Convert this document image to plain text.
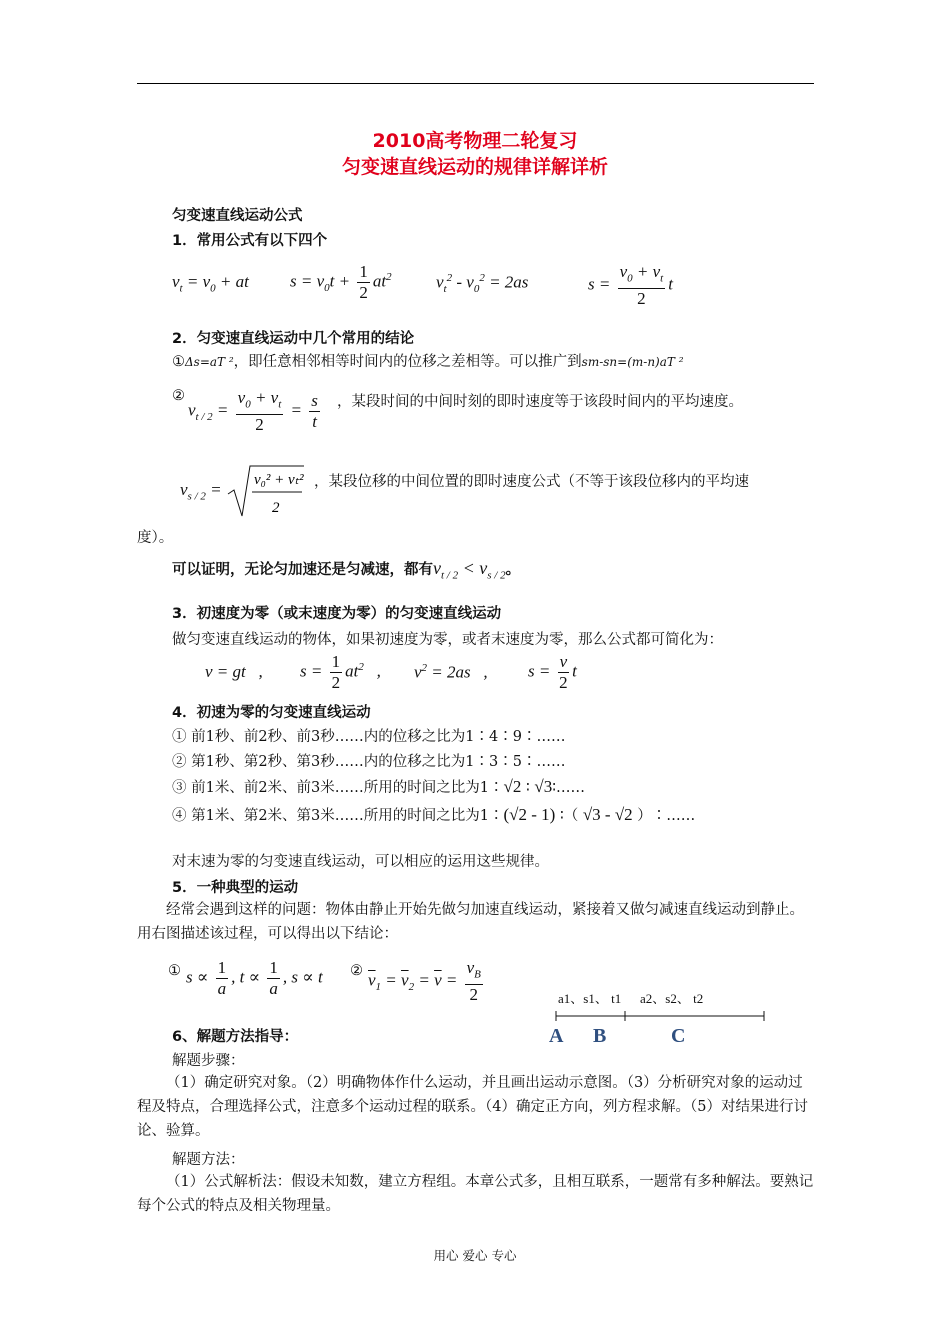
2010高考物理二轮复习
匀变速直线运动的规律详解详析
匀变速直线运动公式
1．常用公式有以下四个
$v_t = v_0$ + at $s = v_0t + \frac{1}{2} at^2$	$v_t^2 - v_0^2 = 2as$	$s = \frac{v_0 + v_t}{2}$ t
2．匀变速直线运动中几个常用的结论
①Δs=aT ²，即任意相邻相等时间内的位移之差相等。可以推广到sm-sn=(m-n)aT ²
②
$v_{t / 2} = \frac{v_0 + v_t}{2} = \frac{s}{t}$ ，某段时间的中间时刻的即时速度等于该段时间内的平均速度。
$v_{s / 2} = v_0^2 + v_t^2$
2
，某段位移的中间位置的即时速度公式（不等于该段位移内的平均速
度）。
可以证明，无论匀加速还是匀减速，都有$v_{t / 2} < v_{s / 2}$。
3．初速度为零（或末速度为零）的匀变速直线运动
做匀变速直线运动的物体，如果初速度为零，或者末速度为零，那么公式都可简化为：
v = gt   , $s = \frac{1}{2} at^2$   , $v^2 = 2as$   , $s = \frac{v}{2}$ t
4．初速为零的匀变速直线运动
① 前1秒、前2秒、前3秒……内的位移之比为1∶4∶9∶……
② 第1秒、第2秒、第3秒……内的位移之比为1∶3∶5∶……
③ 前1米、前2米、前3米……所用的时间之比为1∶√2 ∶ √3∶……
④ 第1米、第2米、第3米……所用的时间之比为1∶(√2 - 1) ∶（ √3 - √2 ）∶……
对末速为零的匀变速直线运动，可以相应的运用这些规律。
5．一种典型的运动
经常会遇到这样的问题：物体由静止开始先做匀加速直线运动，紧接着又做匀减速直线运动到静止。用右图描述该过程，可以得出以下结论：
① $s \propto \frac{1}{a}$ , $t \propto \frac{1}{a}$ , s ∝ t ② $\overline{v}_1 = \overline{v}_2 = \overline{v} = \frac{v_B}{2}$	a1、s1、 t1 a2、s2、 t2
A B	C
6、解题方法指导：
解题步骤：
（1）确定研究对象。（2）明确物体作什么运动，并且画出运动示意图。（3）分析研究对象的运动过程及特点，合理选择公式，注意多个运动过程的联系。（4）确定正方向，列方程求解。（5）对结果进行讨论、验算。
解题方法：
（1）公式解析法：假设未知数，建立方程组。本章公式多，且相互联系，一题常有多种解法。要熟记每个公式的特点及相关物理量。
用心 爱心 专心
